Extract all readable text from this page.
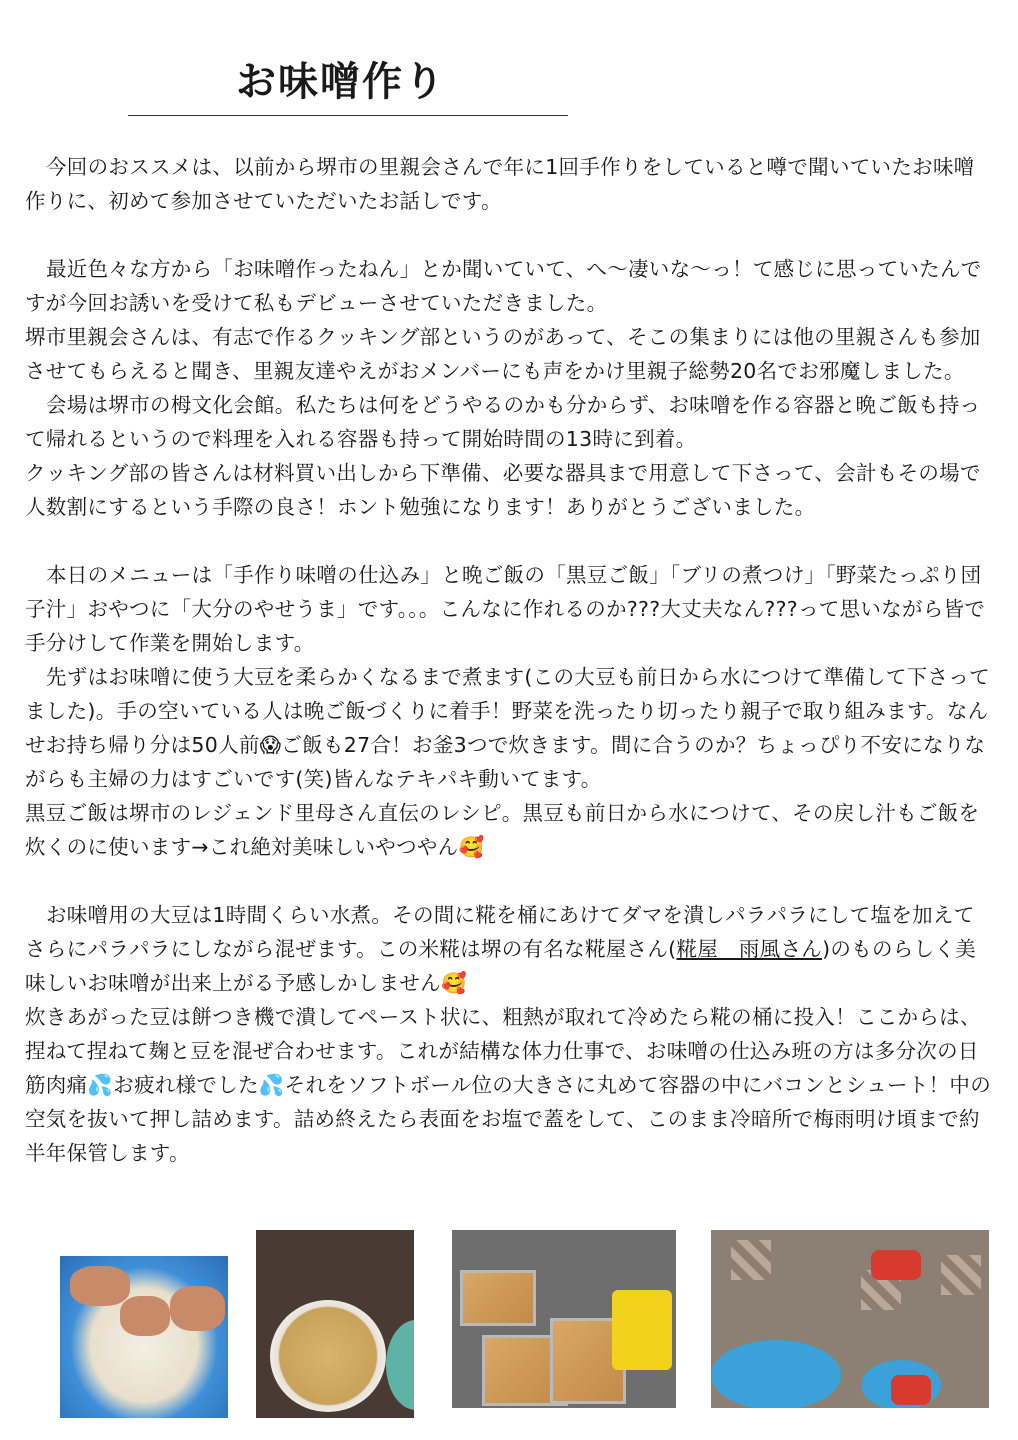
お味噌作り

今回のおススメは、以前から堺市の里親会さんで年に1回手作りをしていると噂で聞いていたお味噌作りに、初めて参加させていただいたお話しです。

最近色々な方から「お味噌作ったねん」とか聞いていて、へ〜凄いな〜っ！て感じに思っていたんですが今回お誘いを受けて私もデビューさせていただきました。

堺市里親会さんは、有志で作るクッキング部というのがあって、そこの集まりには他の里親さんも参加させてもらえると聞き、里親友達やえがおメンバーにも声をかけ里親子総勢20名でお邪魔しました。

会場は堺市の栂文化会館。私たちは何をどうやるのかも分からず、お味噌を作る容器と晩ご飯も持って帰れるというので料理を入れる容器も持って開始時間の13時に到着。

クッキング部の皆さんは材料買い出しから下準備、必要な器具まで用意して下さって、会計もその場で人数割にするという手際の良さ！ホント勉強になります！ありがとうございました。

本日のメニューは「手作り味噌の仕込み」と晩ご飯の「黒豆ご飯」「ブリの煮つけ」「野菜たっぷり団子汁」おやつに「大分のやせうま」です。。。こんなに作れるのか???大丈夫なん???って思いながら皆で手分けして作業を開始します。

先ずはお味噌に使う大豆を柔らかくなるまで煮ます(この大豆も前日から水につけて準備して下さってました)。手の空いている人は晩ご飯づくりに着手！野菜を洗ったり切ったり親子で取り組みます。なんせお持ち帰り分は50人前😱ご飯も27合！お釜3つで炊きます。間に合うのか？ちょっぴり不安になりながらも主婦の力はすごいです(笑)皆んなテキパキ動いてます。

黒豆ご飯は堺市のレジェンド里母さん直伝のレシピ。黒豆も前日から水につけて、その戻し汁もご飯を炊くのに使います→これ絶対美味しいやつやん🥰

お味噌用の大豆は1時間くらい水煮。その間に糀を桶にあけてダマを潰しパラパラにして塩を加えてさらにパラパラにしながら混ぜます。この米糀は堺の有名な糀屋さん(糀屋　雨風さん)のものらしく美味しいお味噌が出来上がる予感しかしません🥰

炊きあがった豆は餅つき機で潰してペースト状に、粗熱が取れて冷めたら糀の桶に投入！ここからは、捏ねて捏ねて麹と豆を混ぜ合わせます。これが結構な体力仕事で、お味噌の仕込み班の方は多分次の日筋肉痛💦お疲れ様でした💦それをソフトボール位の大きさに丸めて容器の中にバコンとシュート！中の空気を抜いて押し詰めます。詰め終えたら表面をお塩で蓋をして、このまま冷暗所で梅雨明け頃まで約半年保管します。
